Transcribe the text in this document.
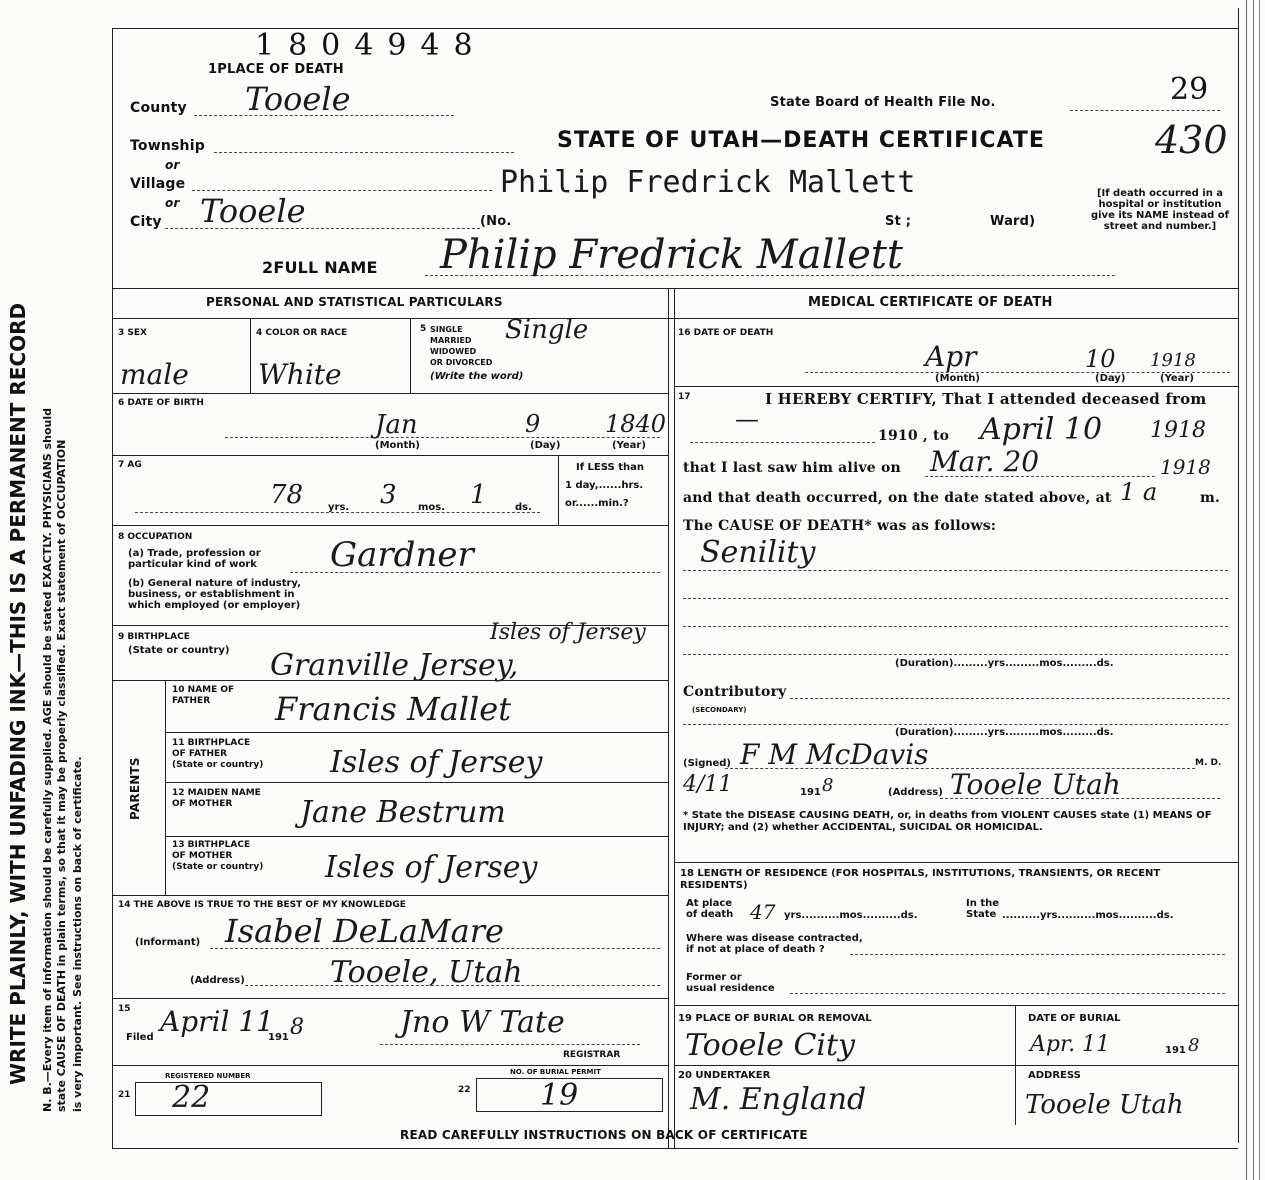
WRITE PLAINLY, WITH UNFADING INK—THIS IS A PERMANENT RECORD N. B.—Every item of information should be carefully supplied. AGE should be stated EXACTLY. PHYSICIANS should state CAUSE OF DEATH in plain terms, so that it may be properly classified. Exact statement of OCCUPATION is very important. See instructions on back of certificate.
1804948
1PLACE OF DEATH
County Tooele	State Board of Health File No.	29
Township
or
Village
or
City Tooele	(No.	St ;	Ward)
STATE OF UTAH—DEATH CERTIFICATE	430
Philip Fredrick Mallett	[If death occurred in a hospital or institution give its NAME instead of street and number.]
2FULL NAME Philip Fredrick Mallett
PERSONAL AND STATISTICAL PARTICULARS	MEDICAL CERTIFICATE OF DEATH
3 SEX
male
4 COLOR OR RACE
White
5 SINGLE
MARRIED
WIDOWED
OR DIVORCED
(Write the word)
Single
6 DATE OF BIRTH
Jan	9	1840
(Month)	(Day)	(Year)
7 AG
78 yrs. 3 mos. 1	ds.
If LESS than
1 day,......hrs.
or......min.?
8 OCCUPATION
(a) Trade, profession or
particular kind of work
(b) General nature of industry,
business, or establishment in
which employed (or employer)
Gardner
9 BIRTHPLACE
(State or country)
Isles of Jersey
Granville Jersey,
PARENTS
10 NAME OF
FATHER	Francis Mallet
11 BIRTHPLACE
OF FATHER
(State or country) Isles of Jersey
12 MAIDEN NAME
OF MOTHER	Jane Bestrum
13 BIRTHPLACE
OF MOTHER
(State or country) Isles of Jersey
14 THE ABOVE IS TRUE TO THE BEST OF MY KNOWLEDGE
(Informant) Isabel DeLaMare
(Address)	Tooele, Utah
15
Filed April 11
191 8	Jno W Tate
REGISTRAR
REGISTERED NUMBER
21 22
NO. OF BURIAL PERMIT
22 19
16 DATE OF DEATH
Apr	10 1918
(Month)	(Day)	(Year)
17	I HEREBY CERTIFY, That I attended deceased from
—
1910 , to April 10 1918
that I last saw him alive on Mar. 20	1918
and that death occurred, on the date stated above, at 1 a	m.
The CAUSE OF DEATH* was as follows:
Senility
(Duration).........yrs.........mos.........ds.
Contributory
(SECONDARY)
(Duration).........yrs.........mos.........ds.
(Signed) F M McDavis	M. D.
4/11	191 8	(Address) Tooele Utah
* State the DISEASE CAUSING DEATH, or, in deaths from VIOLENT CAUSES state (1) MEANS OF INJURY; and (2) whether ACCIDENTAL, SUICIDAL OR HOMICIDAL.
18 LENGTH OF RESIDENCE (FOR HOSPITALS, INSTITUTIONS, TRANSIENTS, OR RECENT RESIDENTS)
At place
of death 47 yrs..........mos..........ds.
In the
State ..........yrs..........mos..........ds.
Where was disease contracted,
if not at place of death ?
Former or
usual residence
19 PLACE OF BURIAL OR REMOVAL
Tooele City
DATE OF BURIAL
Apr. 11	191 8
20 UNDERTAKER
M. England
ADDRESS
Tooele Utah
READ CAREFULLY INSTRUCTIONS ON BACK OF CERTIFICATE
